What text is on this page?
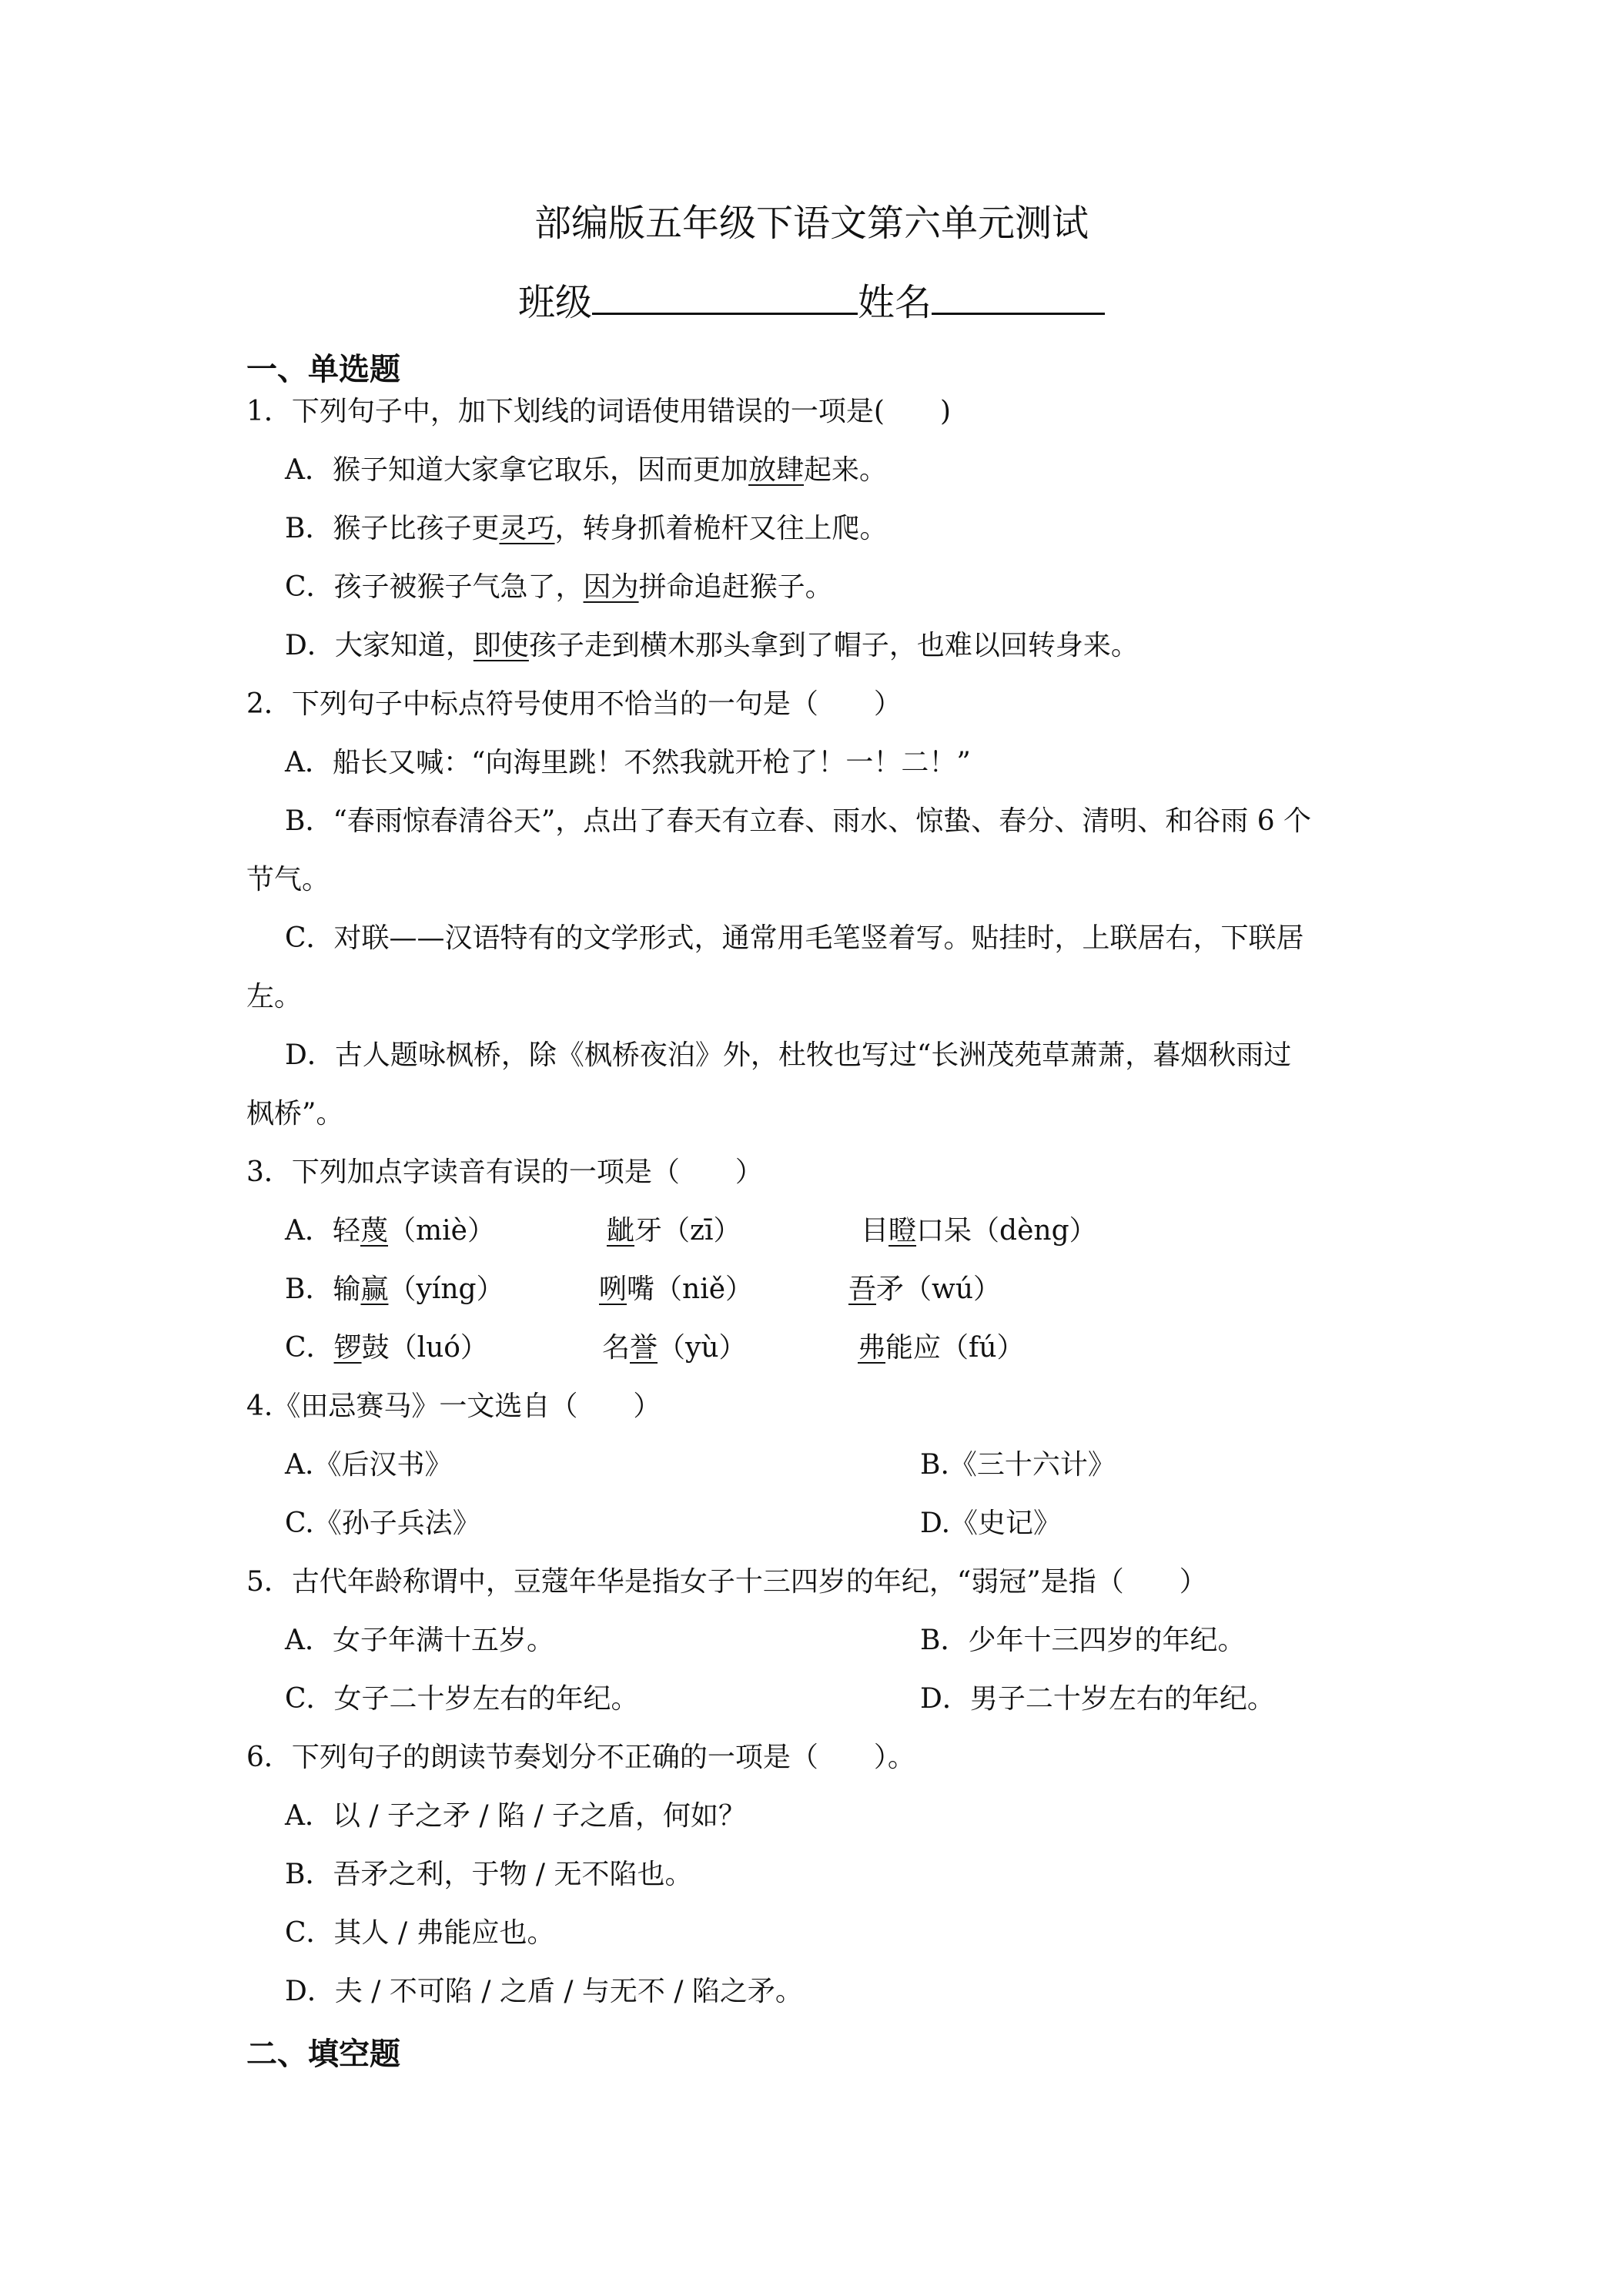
部编版五年级下语文第六单元测试
班级	姓名
一、单选题
1．下列句子中，加下划线的词语使用错误的一项是(　　)
A．猴子知道大家拿它取乐，因而更加放肆起来。
B．猴子比孩子更灵巧，转身抓着桅杆又往上爬。
C．孩子被猴子气急了，因为拼命追赶猴子。
D．大家知道，即使孩子走到横木那头拿到了帽子，也难以回转身来。
2．下列句子中标点符号使用不恰当的一句是（　　）
A．船长又喊：“向海里跳！不然我就开枪了！一！二！”
B．“春雨惊春清谷天”，点出了春天有立春、雨水、惊蛰、春分、清明、和谷雨 6 个
节气。
C．对联——汉语特有的文学形式，通常用毛笔竖着写。贴挂时，上联居右，下联居
左。
D．古人题咏枫桥，除《枫桥夜泊》外，杜牧也写过“长洲茂苑草萧萧，暮烟秋雨过
枫桥”。
3．下列加点字读音有误的一项是（　　）
A．轻蔑（miè）	龇牙（zī）	目瞪口呆（dèng）
B．输赢（yíng）	咧嘴（niě）	吾矛（wú）
C．锣鼓（luó）	名誉（yù）	弗能应（fú）
4.《田忌赛马》一文选自（　　）
A.《后汉书》	B.《三十六计》
C.《孙子兵法》	D.《史记》
5．古代年龄称谓中，豆蔻年华是指女子十三四岁的年纪，“弱冠”是指（　　）
A．女子年满十五岁。	B．少年十三四岁的年纪。
C．女子二十岁左右的年纪。	D．男子二十岁左右的年纪。
6．下列句子的朗读节奏划分不正确的一项是（　　）。
A．以 / 子之矛 / 陷 / 子之盾，何如？
B．吾矛之利，于物 / 无不陷也。
C．其人 / 弗能应也。
D．夫 / 不可陷 / 之盾 / 与无不 / 陷之矛。
二、填空题
